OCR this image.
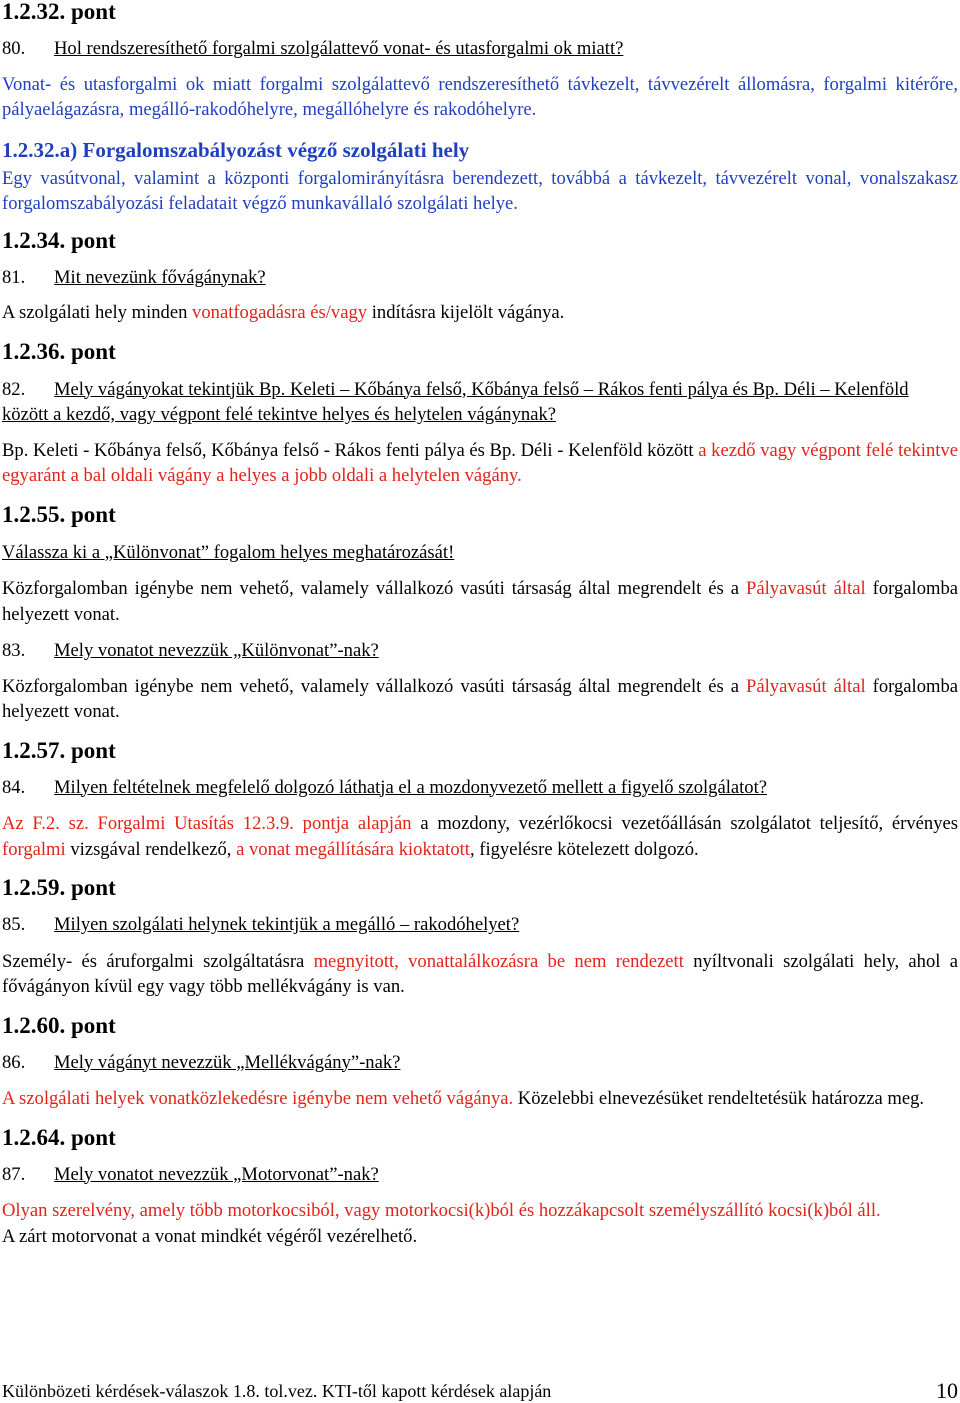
1.2.32. pont

80.	Hol rendszeresíthető forgalmi szolgálattevő vonat- és utasforgalmi ok miatt?

Vonat- és utasforgalmi ok miatt forgalmi szolgálattevő rendszeresíthető távkezelt, távvezérelt állomásra, forgalmi kitérőre, pályaelágazásra, megálló-rakodóhelyre, megállóhelyre és rakodóhelyre.

1.2.32.a) Forgalomszabályozást végző szolgálati hely

Egy vasútvonal, valamint a központi forgalomirányításra berendezett, továbbá a távkezelt, távvezérelt vonal, vonalszakasz forgalomszabályozási feladatait végző munkavállaló szolgálati helye.

1.2.34. pont

81.	Mit nevezünk fővágánynak?

A szolgálati hely minden vonatfogadásra és/vagy indításra kijelölt vágánya.

1.2.36. pont

82. Mely vágányokat tekintjük Bp. Keleti – Kőbánya felső, Kőbánya felső – Rákos fenti pálya és Bp. Déli – Kelenföld között a kezdő, vagy végpont felé tekintve helyes és helytelen vágánynak?

Bp. Keleti - Kőbánya felső, Kőbánya felső - Rákos fenti pálya és Bp. Déli - Kelenföld között a kezdő vagy végpont felé tekintve egyaránt a bal oldali vágány a helyes a jobb oldali a helytelen vágány.

1.2.55. pont

Válassza ki a „Különvonat” fogalom helyes meghatározását!

Közforgalomban igénybe nem vehető, valamely vállalkozó vasúti társaság által megrendelt és a Pályavasút által forgalomba helyezett vonat.

83.	Mely vonatot nevezzük „Különvonat”-nak?

Közforgalomban igénybe nem vehető, valamely vállalkozó vasúti társaság által megrendelt és a Pályavasút által forgalomba helyezett vonat.

1.2.57. pont

84.	Milyen feltételnek megfelelő dolgozó láthatja el a mozdonyvezető mellett a figyelő szolgálatot?

Az F.2. sz. Forgalmi Utasítás 12.3.9. pontja alapján a mozdony, vezérlőkocsi vezetőállásán szolgálatot teljesítő, érvényes forgalmi vizsgával rendelkező, a vonat megállítására kioktatott, figyelésre kötelezett dolgozó.

1.2.59. pont

85.	Milyen szolgálati helynek tekintjük a megálló – rakodóhelyet?

Személy- és áruforgalmi szolgáltatásra megnyitott, vonattalálkozásra be nem rendezett nyíltvonali szolgálati hely, ahol a fővágányon kívül egy vagy több mellékvágány is van.

1.2.60. pont

86.	Mely vágányt nevezzük „Mellékvágány”-nak?

A szolgálati helyek vonatközlekedésre igénybe nem vehető vágánya. Közelebbi elnevezésüket rendeltetésük határozza meg.

1.2.64. pont

87.	Mely vonatot nevezzük „Motorvonat”-nak?

Olyan szerelvény, amely több motorkocsiból, vagy motorkocsi(k)ból és hozzákapcsolt személyszállító kocsi(k)ból áll.

A zárt motorvonat a vonat mindkét végéről vezérelhető.

Különbözeti kérdések-válaszok 1.8. tol.vez. KTI-től kapott kérdések alapján	10
